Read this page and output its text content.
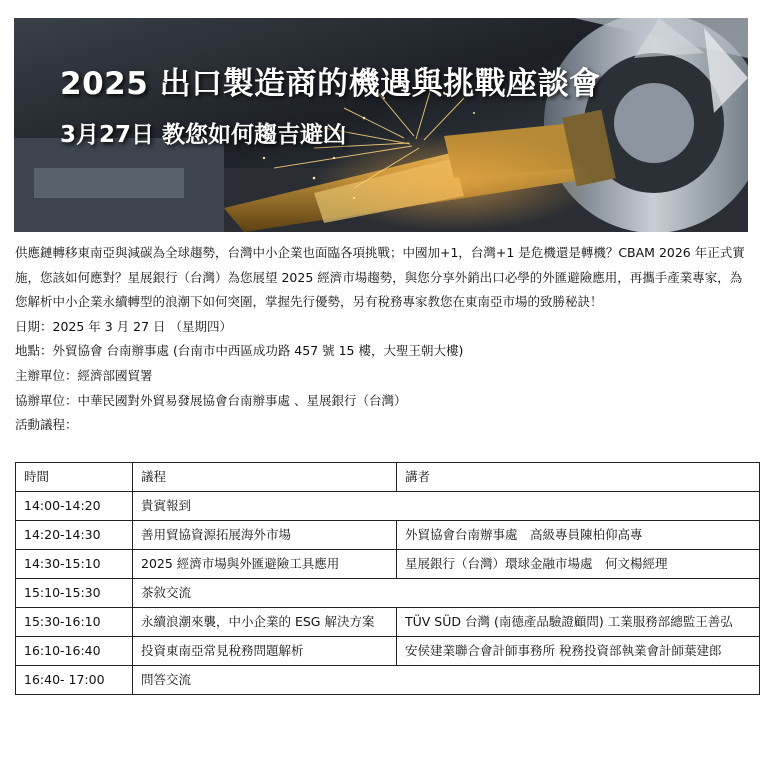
2025 出口製造商的機遇與挑戰座談會
3月27日 教您如何趨吉避凶

供應鏈轉移東南亞與減碳為全球趨勢，台灣中小企業也面臨各項挑戰；中國加+1，台灣+1 是危機還是轉機？CBAM 2026 年正式實施，您該如何應對？星展銀行（台灣）為您展望 2025 經濟市場趨勢，與您分享外銷出口必學的外匯避險應用，再攜手產業專家，為您解析中小企業永續轉型的浪潮下如何突圍，掌握先行優勢，另有稅務專家教您在東南亞市場的致勝秘訣！

日期：2025 年 3 月 27 日 （星期四）

地點：外貿協會 台南辦事處 (台南市中西區成功路 457 號 15 樓，大聖王朝大樓)

主辦單位：經濟部國貿署

協辦單位：中華民國對外貿易發展協會台南辦事處 、星展銀行（台灣）

活動議程：

時間	議程	講者
14:00-14:20	貴賓報到	
14:20-14:30	善用貿協資源拓展海外市場	外貿協會台南辦事處　高級專員陳柏仰高專
14:30-15:10	2025 經濟市場與外匯避險工具應用	星展銀行（台灣）環球金融市場處　何文楊經理
15:10-15:30	茶敘交流	
15:30-16:10	永續浪潮來襲，中小企業的 ESG 解決方案	TÜV SÜD 台灣 (南德產品驗證顧問) 工業服務部總監王善弘
16:10-16:40	投資東南亞常見稅務問題解析	安侯建業聯合會計師事務所 稅務投資部執業會計師葉建郎
16:40- 17:00	問答交流	
